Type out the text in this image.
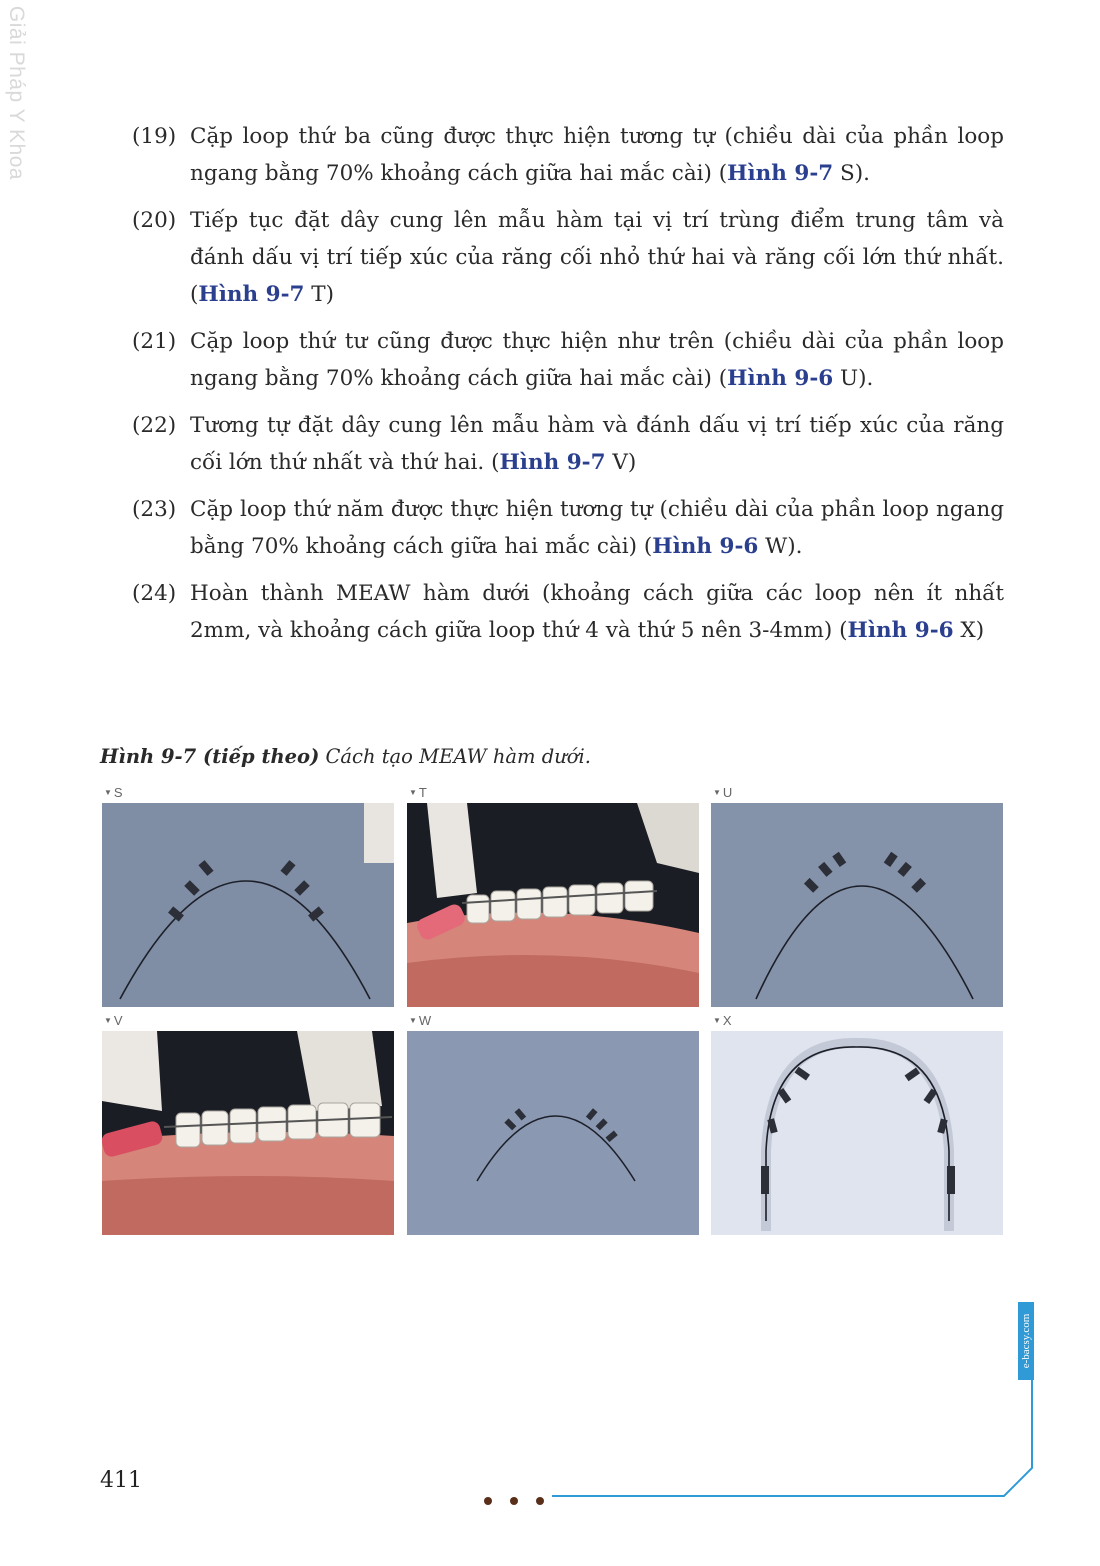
Giải Pháp Y Khoa	(19) Cặp loop thứ ba cũng được thực hiện tương tự (chiều dài của phần loop ngang bằng 70% khoảng cách giữa hai mắc cài) (Hình 9-7 S).
(20) Tiếp tục đặt dây cung lên mẫu hàm tại vị trí trùng điểm trung tâm và đánh dấu vị trí tiếp xúc của răng cối nhỏ thứ hai và răng cối lớn thứ nhất. (Hình 9-7 T)
(21) Cặp loop thứ tư cũng được thực hiện như trên (chiều dài của phần loop ngang bằng 70% khoảng cách giữa hai mắc cài) (Hình 9-6 U).
(22) Tương tự đặt dây cung lên mẫu hàm và đánh dấu vị trí tiếp xúc của răng cối lớn thứ nhất và thứ hai. (Hình 9-7 V)
(23) Cặp loop thứ năm được thực hiện tương tự (chiều dài của phần loop ngang bằng 70% khoảng cách giữa hai mắc cài) (Hình 9-6 W).
(24) Hoàn thành MEAW hàm dưới (khoảng cách giữa các loop nên ít nhất 2mm, và khoảng cách giữa loop thứ 4 và thứ 5 nên 3-4mm) (Hình 9-6 X)
Hình 9-7 (tiếp theo) Cách tạo MEAW hàm dưới.
▼ S	▼ T	▼ U
▼ V	▼ W	▼ X
e-bacsy.com
411
